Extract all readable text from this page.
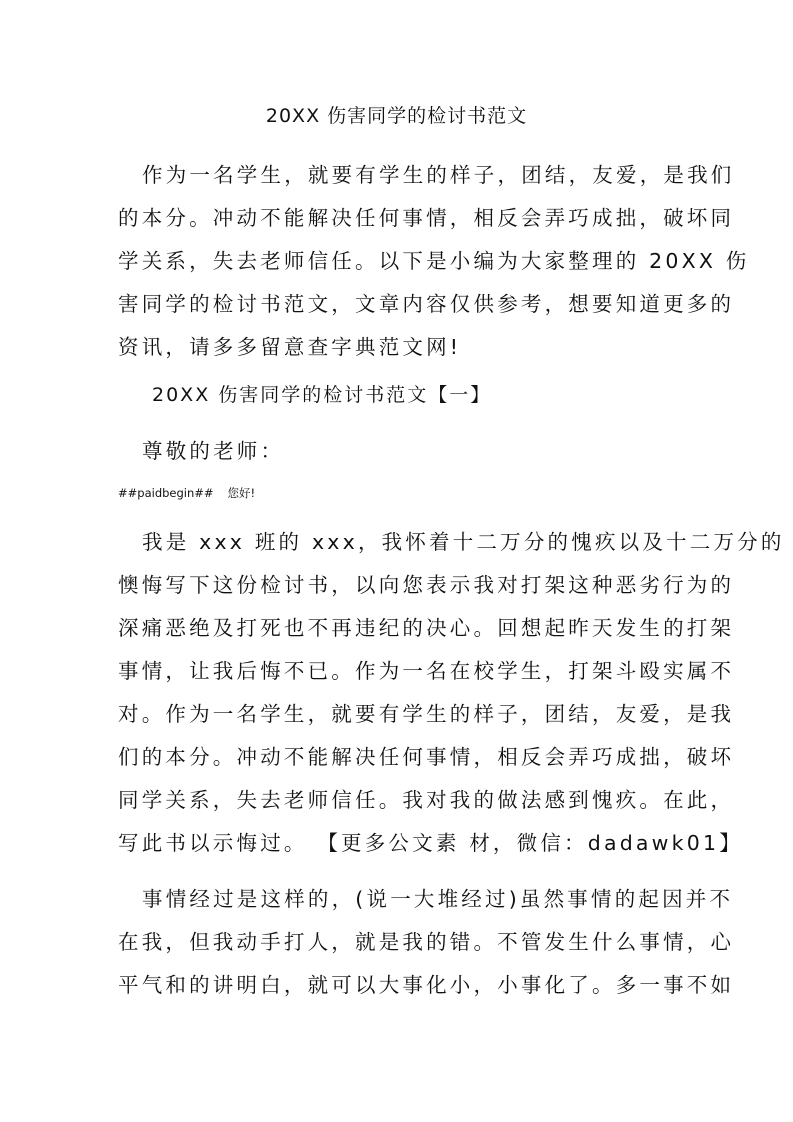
20XX 伤害同学的检讨书范文
作为一名学生，就要有学生的样子，团结，友爱，是我们
的本分。冲动不能解决任何事情，相反会弄巧成拙，破坏同
学关系，失去老师信任。以下是小编为大家整理的 20XX 伤
害同学的检讨书范文，文章内容仅供参考，想要知道更多的
资讯，请多多留意查字典范文网!
20XX 伤害同学的检讨书范文【一】
尊敬的老师：
##paidbegin## 您好!
我是 xxx 班的 xxx，我怀着十二万分的愧疚以及十二万分的
懊悔写下这份检讨书，以向您表示我对打架这种恶劣行为的
深痛恶绝及打死也不再违纪的决心。回想起昨天发生的打架
事情，让我后悔不已。作为一名在校学生，打架斗殴实属不
对。作为一名学生，就要有学生的样子，团结，友爱，是我
们的本分。冲动不能解决任何事情，相反会弄巧成拙，破坏
同学关系，失去老师信任。我对我的做法感到愧疚。在此，
写此书以示悔过。 【更多公文素 材，微信：dadawk01】
事情经过是这样的，(说一大堆经过)虽然事情的起因并不
在我，但我动手打人，就是我的错。不管发生什么事情，心
平气和的讲明白，就可以大事化小，小事化了。多一事不如
